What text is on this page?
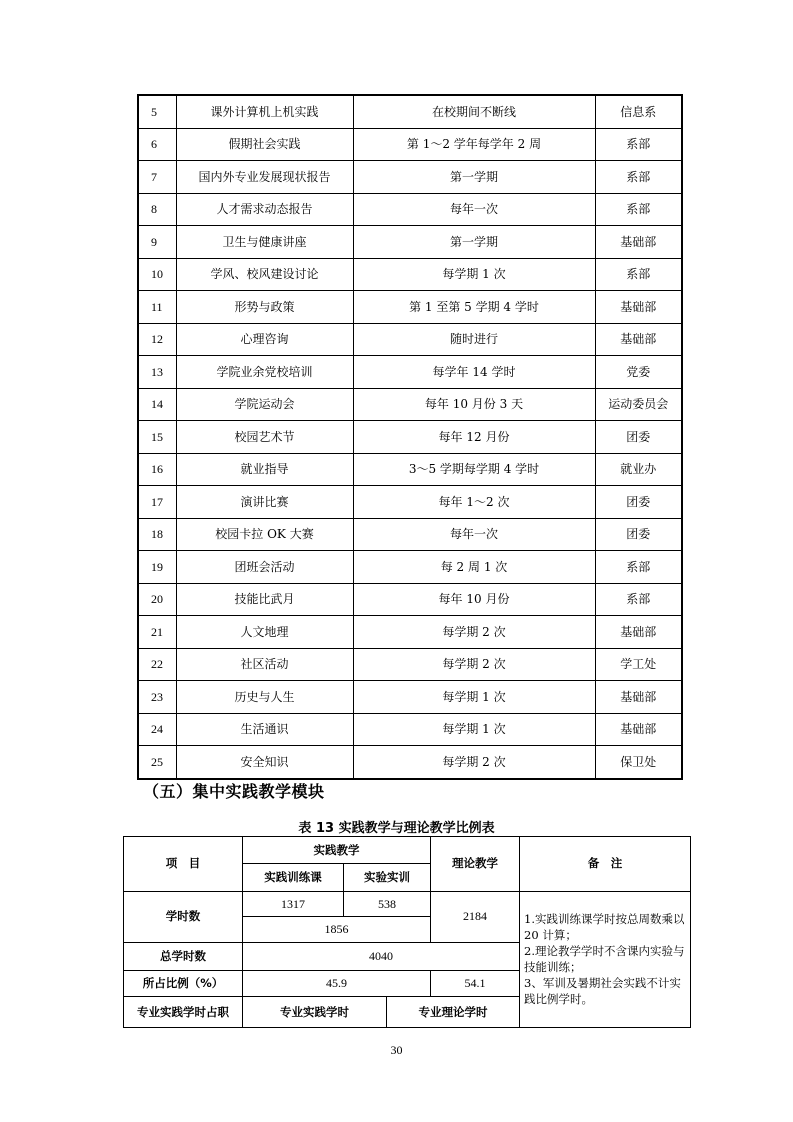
5	课外计算机上机实践	在校期间不断线	信息系
6	假期社会实践	第 1～2 学年每学年 2 周	系部
7	国内外专业发展现状报告	第一学期	系部
8	人才需求动态报告	每年一次	系部
9	卫生与健康讲座	第一学期	基础部
10	学风、校风建设讨论	每学期 1 次	系部
11	形势与政策	第 1 至第 5 学期 4 学时	基础部
12	心理咨询	随时进行	基础部
13	学院业余党校培训	每学年 14 学时	党委
14	学院运动会	每年 10 月份 3 天	运动委员会
15	校园艺术节	每年 12 月份	团委
16	就业指导	3～5 学期每学期 4 学时	就业办
17	演讲比赛	每年 1～2 次	团委
18	校园卡拉 OK 大赛	每年一次	团委
19	团班会活动	每 2 周 1 次	系部
20	技能比武月	每年 10 月份	系部
21	人文地理	每学期 2 次	基础部
22	社区活动	每学期 2 次	学工处
23	历史与人生	每学期 1 次	基础部
24	生活通识	每学期 1 次	基础部
25	安全知识	每学期 2 次	保卫处
（五）集中实践教学模块
表 13 实践教学与理论教学比例表
项　目	实践教学			理论教学	备　注
	实践训练课	实验实训			
学时数	1317	538		2184	1.实践训练课学时按总周数乘以 20 计算；
2.理论教学学时不含课内实验与技能训练；
3、军训及暑期社会实践不计实践比例学时。

	1856				
总学时数	4040				
所占比例（%）	45.9			54.1	
专业实践学时占职	专业实践学时		专业理论学时		
30
